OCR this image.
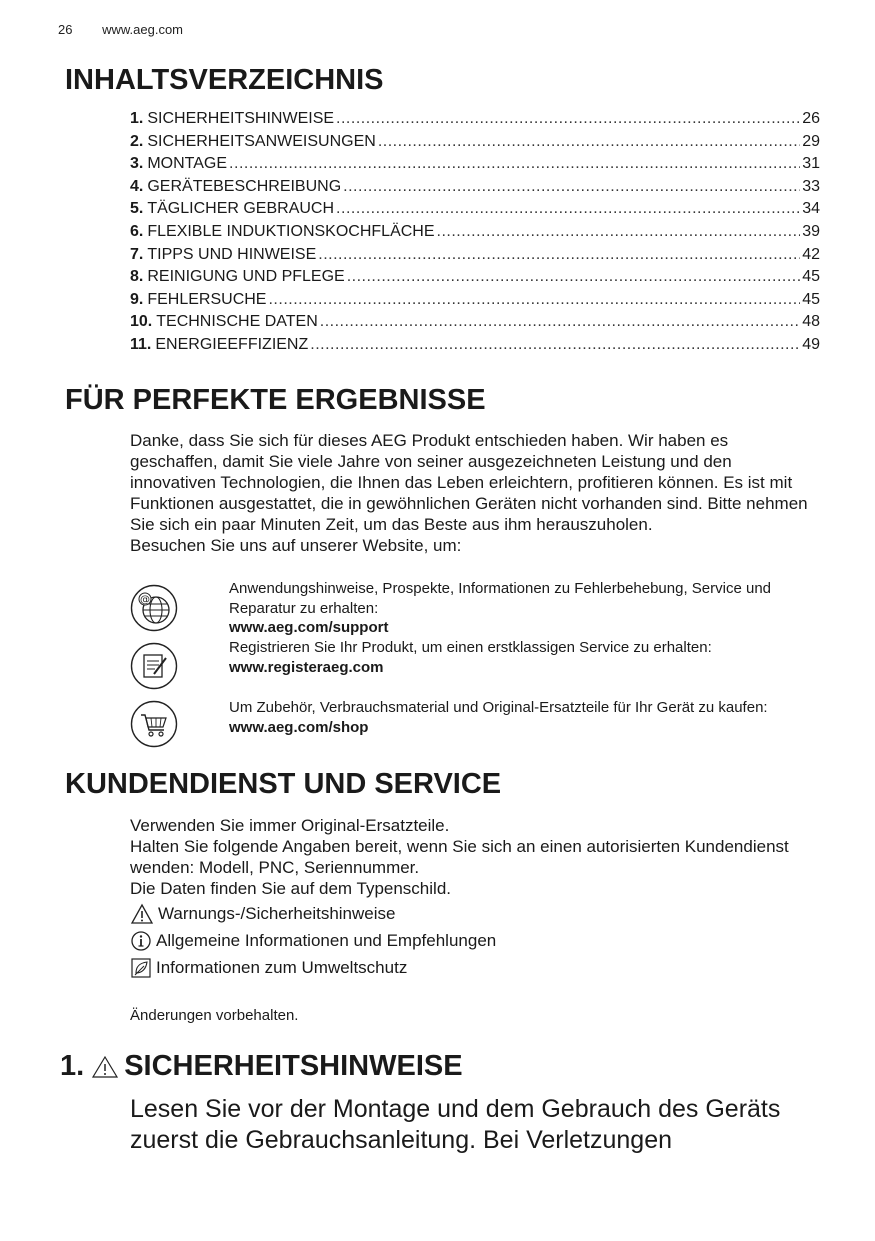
26 www.aeg.com
INHALTSVERZEICHNIS
1. SICHERHEITSHINWEISE .....	26
2. SICHERHEITSANWEISUNGEN .....	29
3. MONTAGE .....	31
4. GERÄTEBESCHREIBUNG .....	33
5. TÄGLICHER GEBRAUCH .....	34
6. FLEXIBLE INDUKTIONSKOCHFLÄCHE .....	39
7. TIPPS UND HINWEISE .....	42
8. REINIGUNG UND PFLEGE .....	45
9. FEHLERSUCHE .....	45
10. TECHNISCHE DATEN .....	48
11. ENERGIEEFFIZIENZ .....	49
FÜR PERFEKTE ERGEBNISSE
Danke, dass Sie sich für dieses AEG Produkt entschieden haben. Wir haben es geschaffen, damit Sie viele Jahre von seiner ausgezeichneten Leistung und den innovativen Technologien, die Ihnen das Leben erleichtern, profitieren können. Es ist mit Funktionen ausgestattet, die in gewöhnlichen Geräten nicht vorhanden sind. Bitte nehmen Sie sich ein paar Minuten Zeit, um das Beste aus ihm herauszuholen.
Besuchen Sie uns auf unserer Website, um:
@
Anwendungshinweise, Prospekte, Informationen zu Fehlerbehebung, Service und Reparatur zu erhalten:
www.aeg.com/support
Registrieren Sie Ihr Produkt, um einen erstklassigen Service zu erhalten:
www.registeraeg.com
Um Zubehör, Verbrauchsmaterial und Original-Ersatzteile für Ihr Gerät zu kaufen:
www.aeg.com/shop
KUNDENDIENST UND SERVICE
Verwenden Sie immer Original-Ersatzteile.
Halten Sie folgende Angaben bereit, wenn Sie sich an einen autorisierten Kundendienst wenden: Modell, PNC, Seriennummer.
Die Daten finden Sie auf dem Typenschild.
Warnungs-/Sicherheitshinweise
Allgemeine Informationen und Empfehlungen
Informationen zum Umweltschutz
Änderungen vorbehalten.
1. SICHERHEITSHINWEISE
Lesen Sie vor der Montage und dem Gebrauch des Geräts zuerst die Gebrauchsanleitung. Bei Verletzungen
